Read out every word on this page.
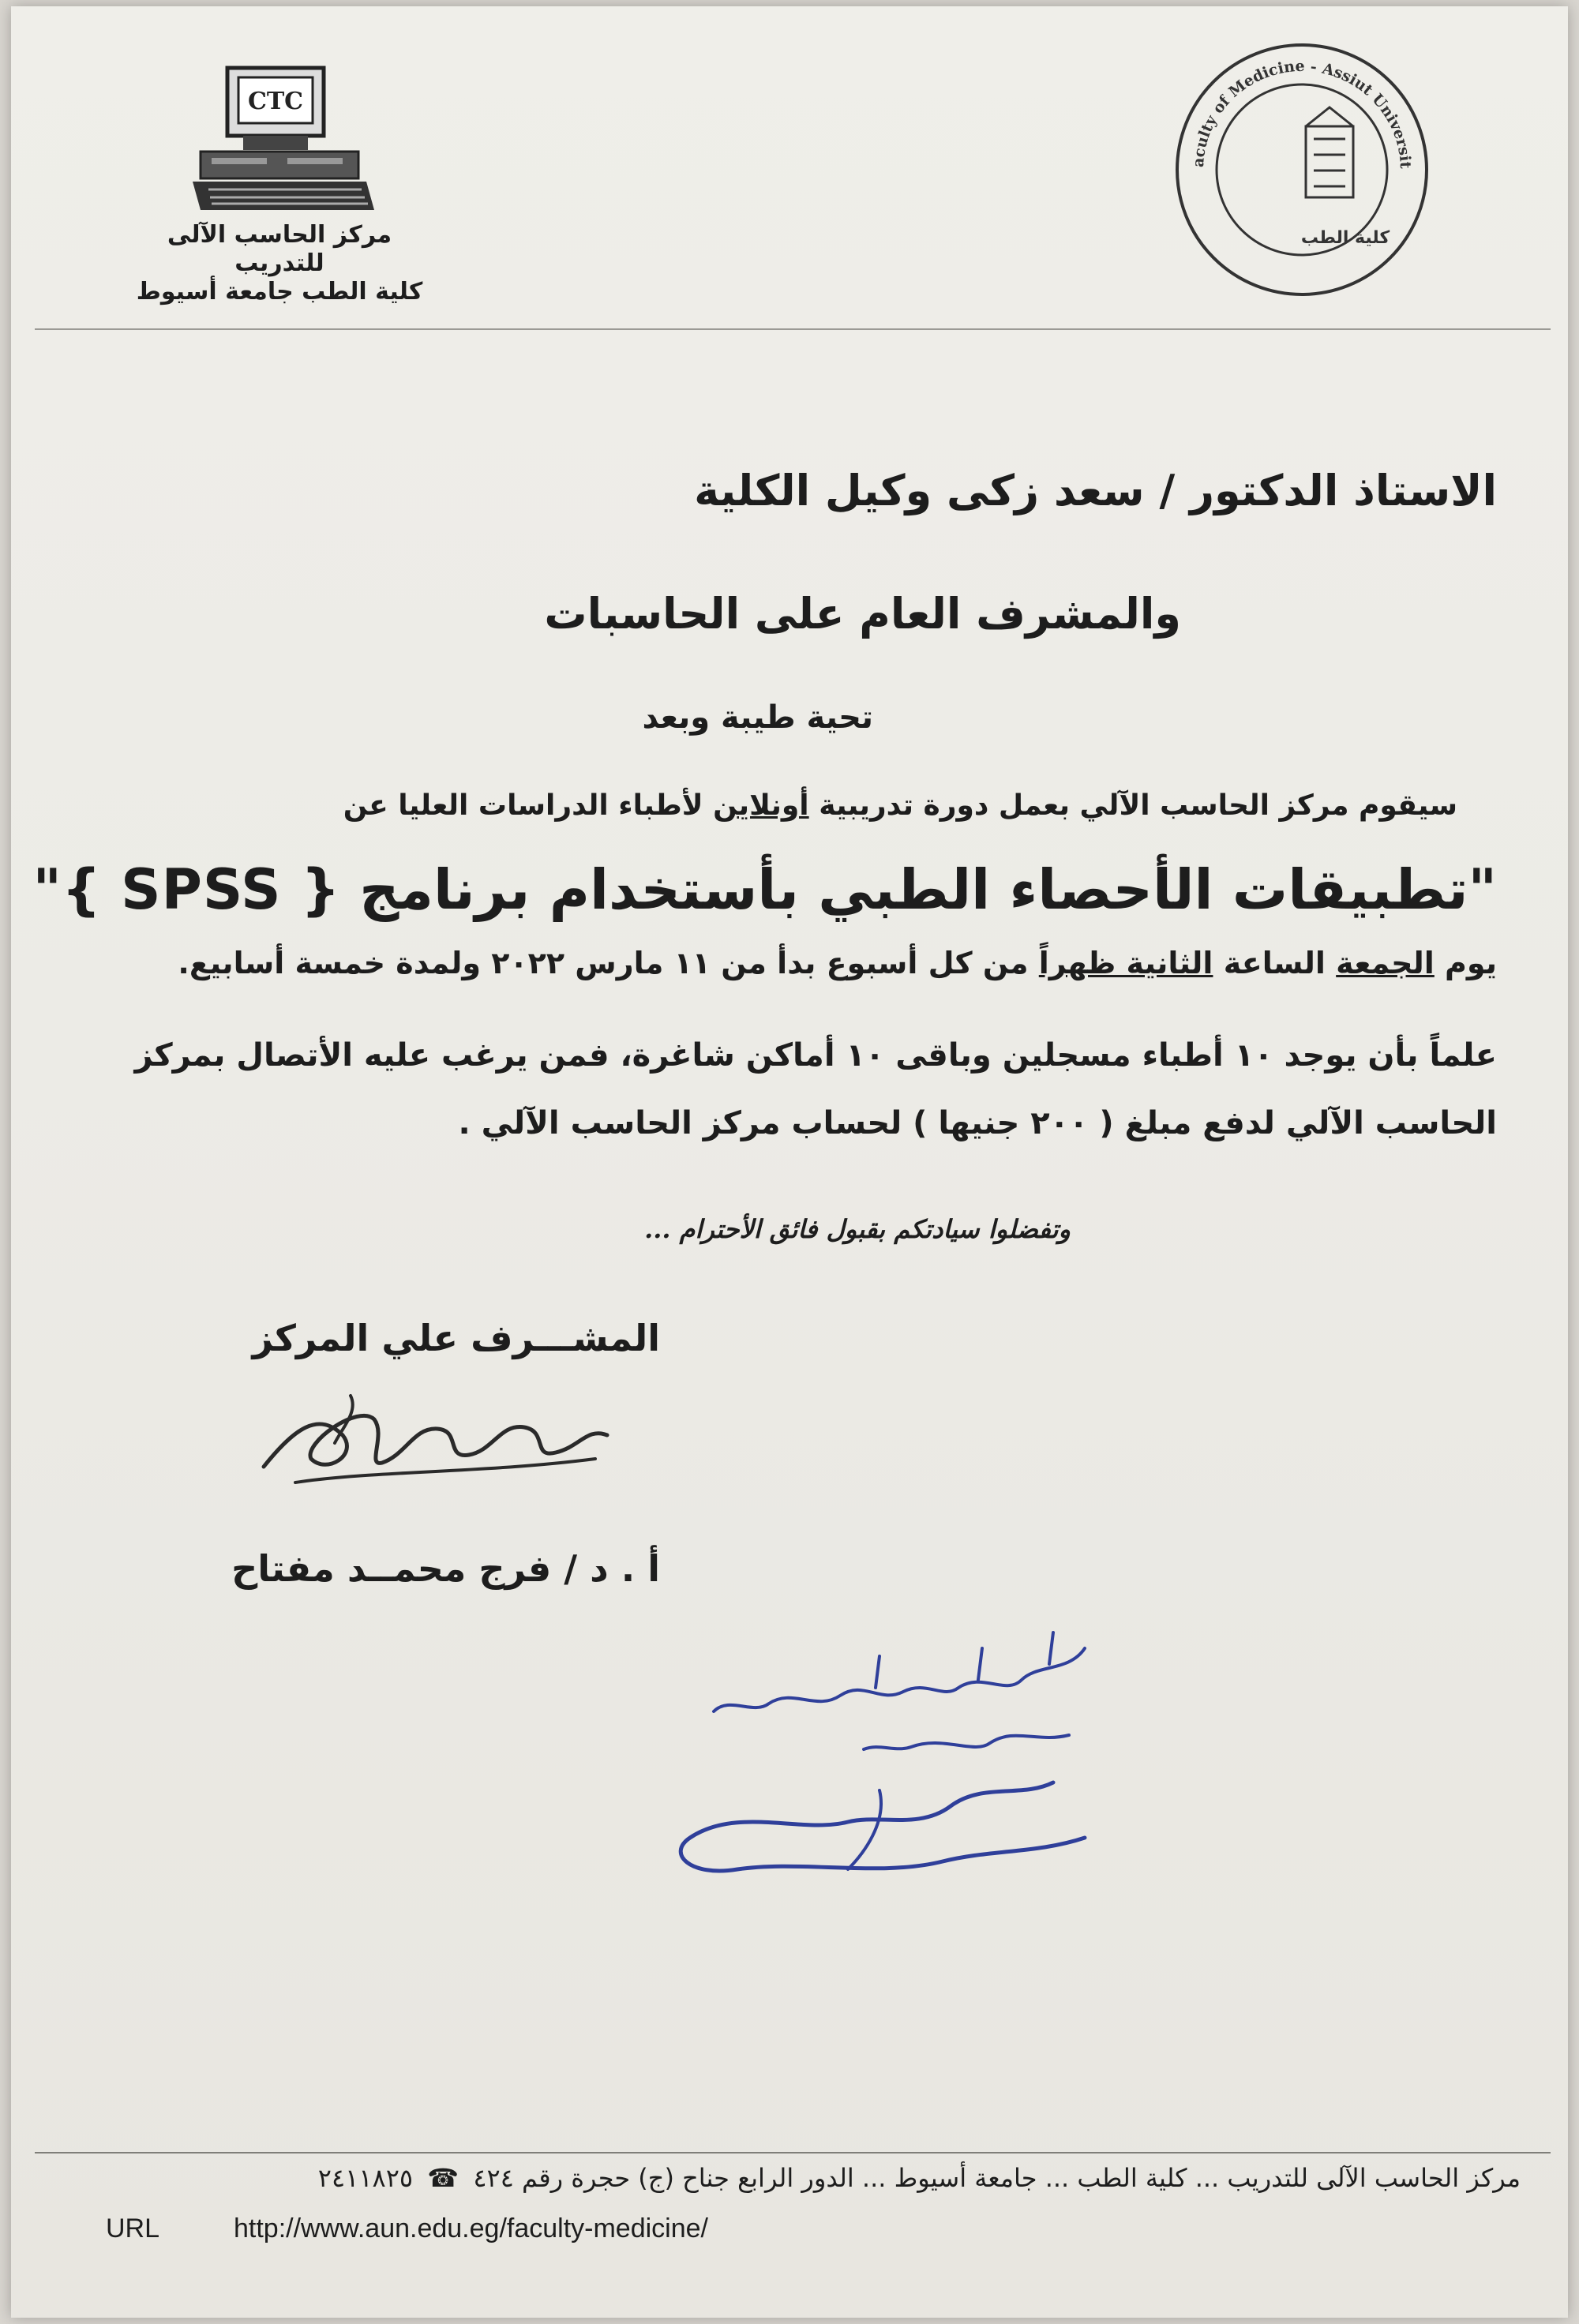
CTC
مركز الحاسب الآلى للتدريب
كلية الطب جامعة أسيوط
aculty of Medicine - Assiut Universit
كلية الطب
الاستاذ الدكتور / سعد زكى وكيل الكلية
والمشرف العام على الحاسبات
تحية طيبة وبعد
سيقوم مركز الحاسب الآلي بعمل دورة تدريبية أونلاين لأطباء الدراسات العليا عن
"تطبيقات الأحصاء الطبي بأستخدام برنامج { SPSS }"
يوم الجمعة الساعة الثانية ظهراً من كل أسبوع بدأ من ١١ مارس ٢٠٢٢ ولمدة خمسة أسابيع.
علماً بأن يوجد ١٠ أطباء مسجلين وباقى ١٠ أماكن شاغرة، فمن يرغب عليه الأتصال بمركز
الحاسب الآلي لدفع مبلغ ( ٢٠٠ جنيها ) لحساب مركز الحاسب الآلي .
وتفضلوا سيادتكم بقبول فائق الأحترام ...
المشـــرف علي المركز
أ . د / فرج محمــد مفتاح
مركز الحاسب الآلى للتدريب ... كلية الطب ... جامعة أسيوط ... الدور الرابع جناح (ج) حجرة رقم ٤٢٤ ☎ ٢٤١١٨٢٥
URL	http://www.aun.edu.eg/faculty-medicine/
